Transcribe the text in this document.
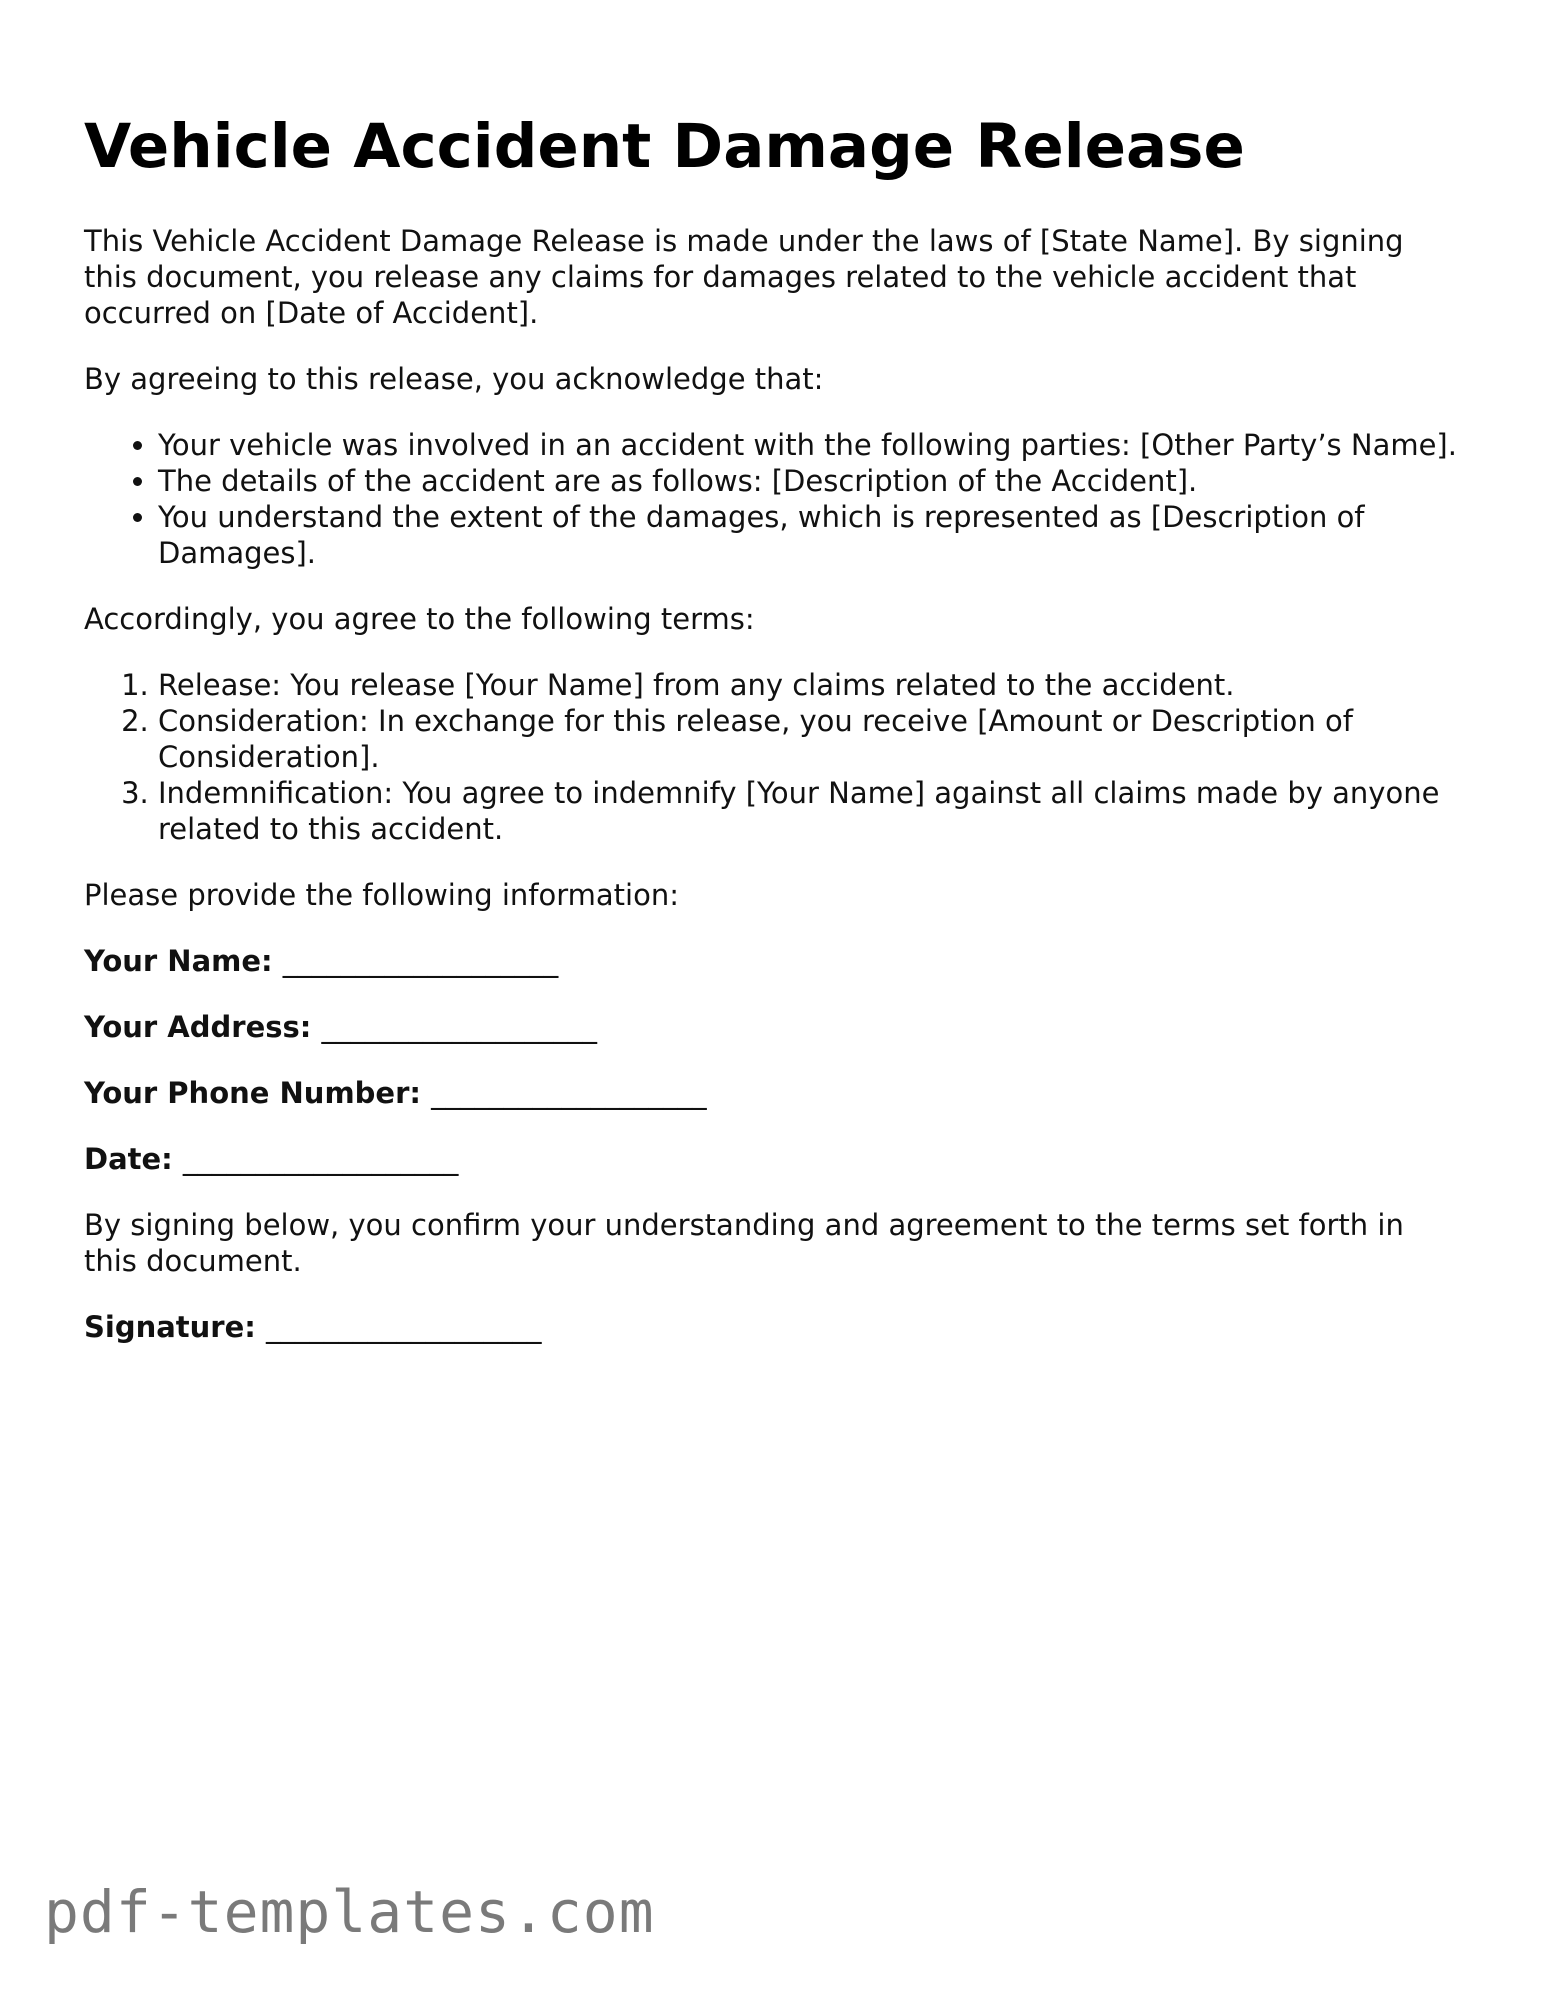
Vehicle Accident Damage Release

This Vehicle Accident Damage Release is made under the laws of [State Name]. By signing this document, you release any claims for damages related to the vehicle accident that occurred on [Date of Accident].

By agreeing to this release, you acknowledge that:

• Your vehicle was involved in an accident with the following parties: [Other Party’s Name].
• The details of the accident are as follows: [Description of the Accident].
• You understand the extent of the damages, which is represented as [Description of Damages].

Accordingly, you agree to the following terms:

1. Release: You release [Your Name] from any claims related to the accident.
2. Consideration: In exchange for this release, you receive [Amount or Description of Consideration].
3. Indemnification: You agree to indemnify [Your Name] against all claims made by anyone related to this accident.

Please provide the following information:

Your Name: ___________________

Your Address: ___________________

Your Phone Number: ___________________

Date: ___________________

By signing below, you confirm your understanding and agreement to the terms set forth in this document.

Signature: ___________________

pdf-templates.com
